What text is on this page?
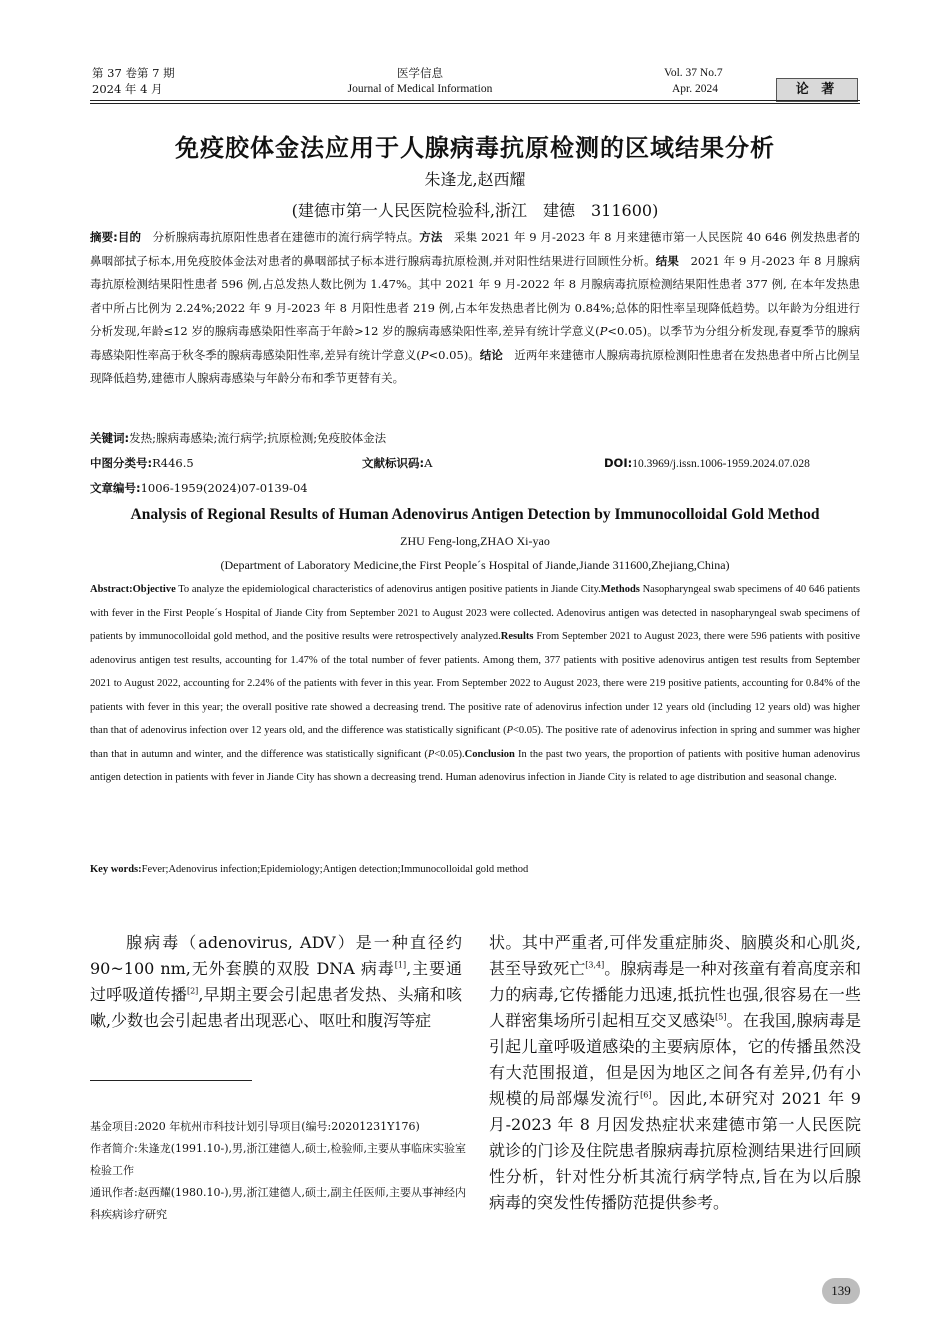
第 37 卷第 7 期
2024 年 4 月
医学信息
Journal of Medical Information
Vol. 37 No.7
Apr. 2024	论 著
免疫胶体金法应用于人腺病毒抗原检测的区域结果分析
朱逢龙,赵西耀
(建德市第一人民医院检验科,浙江　建德　311600)
摘要:目的　分析腺病毒抗原阳性患者在建德市的流行病学特点。方法　采集 2021 年 9 月-2023 年 8 月来建德市第一人民医院 40 646 例发热患者的鼻咽部拭子标本,用免疫胶体金法对患者的鼻咽部拭子标本进行腺病毒抗原检测,并对阳性结果进行回顾性分析。结果　2021 年 9 月-2023 年 8 月腺病毒抗原检测结果阳性患者 596 例,占总发热人数比例为 1.47%。其中 2021 年 9 月-2022 年 8 月腺病毒抗原检测结果阳性患者 377 例, 在本年发热患者中所占比例为 2.24%;2022 年 9 月-2023 年 8 月阳性患者 219 例,占本年发热患者比例为 0.84%;总体的阳性率呈现降低趋势。以年龄为分组进行分析发现,年龄≤12 岁的腺病毒感染阳性率高于年龄>12 岁的腺病毒感染阳性率,差异有统计学意义(P<0.05)。以季节为分组分析发现,春夏季节的腺病毒感染阳性率高于秋冬季的腺病毒感染阳性率,差异有统计学意义(P<0.05)。结论　近两年来建德市人腺病毒抗原检测阳性患者在发热患者中所占比例呈现降低趋势,建德市人腺病毒感染与年龄分布和季节更替有关。
关键词:发热;腺病毒感染;流行病学;抗原检测;免疫胶体金法
中图分类号:R446.5	文献标识码:A	DOI:10.3969/j.issn.1006-1959.2024.07.028
文章编号:1006-1959(2024)07-0139-04
Analysis of Regional Results of Human Adenovirus Antigen Detection by Immunocolloidal Gold Method
ZHU Feng-long,ZHAO Xi-yao
(Department of Laboratory Medicine,the First People´s Hospital of Jiande,Jiande 311600,Zhejiang,China)
Abstract:Objective To analyze the epidemiological characteristics of adenovirus antigen positive patients in Jiande City.Methods Nasopharyngeal swab specimens of 40 646 patients with fever in the First People´s Hospital of Jiande City from September 2021 to August 2023 were collected. Adenovirus antigen was detected in nasopharyngeal swab specimens of patients by immunocolloidal gold method, and the positive results were retrospectively analyzed.Results From September 2021 to August 2023, there were 596 patients with positive adenovirus antigen test results, accounting for 1.47% of the total number of fever patients. Among them, 377 patients with positive adenovirus antigen test results from September 2021 to August 2022, accounting for 2.24% of the patients with fever in this year. From September 2022 to August 2023, there were 219 positive patients, accounting for 0.84% of the patients with fever in this year; the overall positive rate showed a decreasing trend. The positive rate of adenovirus infection under 12 years old (including 12 years old) was higher than that of adenovirus infection over 12 years old, and the difference was statistically significant (P<0.05). The positive rate of adenovirus infection in spring and summer was higher than that in autumn and winter, and the difference was statistically significant (P<0.05).Conclusion In the past two years, the proportion of patients with positive human adenovirus antigen detection in patients with fever in Jiande City has shown a decreasing trend. Human adenovirus infection in Jiande City is related to age distribution and seasonal change.
Key words:Fever;Adenovirus infection;Epidemiology;Antigen detection;Immunocolloidal gold method

　　腺病毒（adenovirus, ADV）是一种直径约 90~100 nm,无外套膜的双股 DNA 病毒[1],主要通过呼吸道传播[2],早期主要会引起患者发热、头痛和咳嗽,少数也会引起患者出现恶心、呕吐和腹泻等症

基金项目:2020 年杭州市科技计划引导项目(编号:20201231Y176)

作者简介:朱逢龙(1991.10-),男,浙江建德人,硕士,检验师,主要从事临床实验室检验工作

通讯作者:赵西耀(1980.10-),男,浙江建德人,硕士,副主任医师,主要从事神经内科疾病诊疗研究

状。其中严重者,可伴发重症肺炎、脑膜炎和心肌炎,甚至导致死亡[3,4]。腺病毒是一种对孩童有着高度亲和力的病毒,它传播能力迅速,抵抗性也强,很容易在一些人群密集场所引起相互交叉感染[5]。在我国,腺病毒是引起儿童呼吸道感染的主要病原体，它的传播虽然没有大范围报道，但是因为地区之间各有差异,仍有小规模的局部爆发流行[6]。因此,本研究对 2021 年 9 月-2023 年 8 月因发热症状来建德市第一人民医院就诊的门诊及住院患者腺病毒抗原检测结果进行回顾性分析，针对性分析其流行病学特点,旨在为以后腺病毒的突发性传播防范提供参考。

139
